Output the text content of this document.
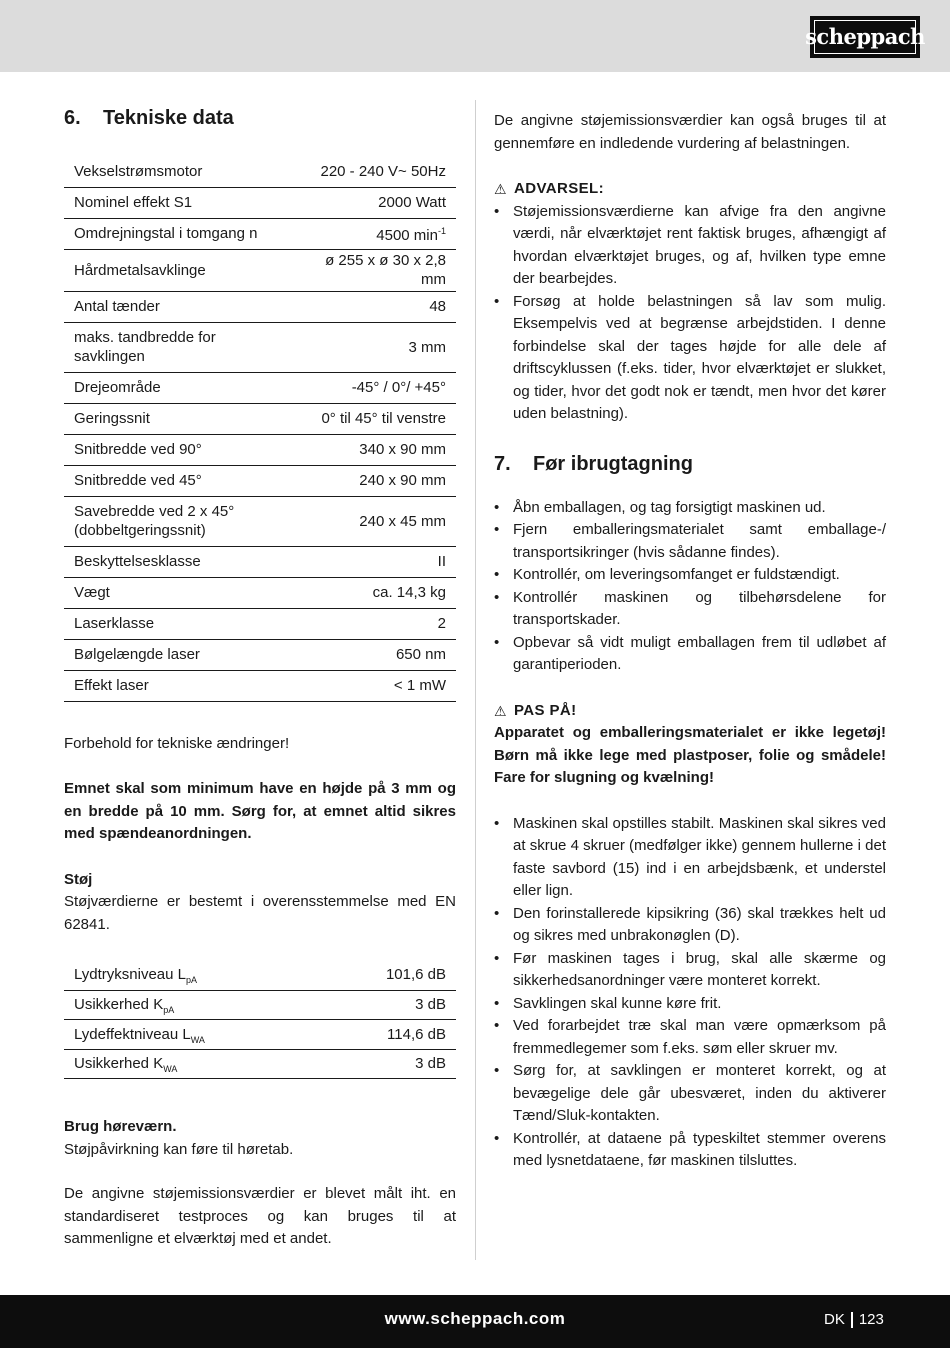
scheppach
6.	Tekniske data
Vekselstrømsmotor	220 - 240 V~ 50Hz
Nominel effekt S1	2000 Watt
Omdrejningstal i tomgang n	4500 $\min^{-1}$
Hårdmetalsavklinge	ø 255 x ø 30 x 2,8 mm
Antal tænder	48
maks. tandbredde for savklingen	3 mm
Drejeområde	-45° / 0°/ +45°
Geringssnit	0° til 45° til venstre
Snitbredde ved 90°	340 x 90 mm
Snitbredde ved 45°	240 x 90 mm
Savebredde ved 2 x 45° (dobbeltgeringssnit)	240 x 45 mm
Beskyttelsesklasse	II
Vægt	ca. 14,3 kg
Laserklasse	2
Bølgelængde laser	650 nm
Effekt laser	< 1 mW

Forbehold for tekniske ændringer!

Emnet skal som minimum have en højde på 3 mm og en bredde på 10 mm. Sørg for, at emnet altid sikres med spændeanordningen.

Støj

Støjværdierne er bestemt i overensstemmelse med EN 62841.

Lydtryksniveau $L_{pA}$	101,6 dB
Usikkerhed $K_{pA}$	3 dB
Lydeffektniveau $L_{WA}$	114,6 dB
Usikkerhed $K_{WA}$	3 dB

Brug høreværn.

Støjpåvirkning kan føre til høretab.

De angivne støjemissionsværdier er blevet målt iht. en standardiseret testproces og kan bruges til at sammenligne et elværktøj med et andet.

De angivne støjemissionsværdier kan også bruges til at gennemføre en indledende vurdering af belastningen.

⚠ ADVARSEL:
• Støjemissionsværdierne kan afvige fra den angivne værdi, når elværktøjet rent faktisk bruges, afhængigt af hvordan elværktøjet bruges, og af, hvilken type emne der bearbejdes.
• Forsøg at holde belastningen så lav som mulig. Eksempelvis ved at begrænse arbejdstiden. I denne forbindelse skal der tages højde for alle dele af driftscyklussen (f.eks. tider, hvor elværktøjet er slukket, og tider, hvor det godt nok er tændt, men hvor det kører uden belastning).
7.	Før ibrugtagning
• Åbn emballagen, og tag forsigtigt maskinen ud.
• Fjern emballeringsmaterialet samt emballage-/ transportsikringer (hvis sådanne findes).
• Kontrollér, om leveringsomfanget er fuldstændigt.
• Kontrollér maskinen og tilbehørsdelene for transportskader.
• Opbevar så vidt muligt emballagen frem til udløbet af garantiperioden.
⚠ PAS PÅ!

Apparatet og emballeringsmaterialet er ikke legetøj! Børn må ikke lege med plastposer, folie og smådele! Fare for slugning og kvælning!

• Maskinen skal opstilles stabilt. Maskinen skal sikres ved at skrue 4 skruer (medfølger ikke) gennem hullerne i det faste savbord (15) ind i en arbejdsbænk, et understel eller lign.
• Den forinstallerede kipsikring (36) skal trækkes helt ud og sikres med unbrakonøglen (D).
• Før maskinen tages i brug, skal alle skærme og sikkerhedsanordninger være monteret korrekt.
• Savklingen skal kunne køre frit.
• Ved forarbejdet træ skal man være opmærksom på fremmedlegemer som f.eks. søm eller skruer mv.
• Sørg for, at savklingen er monteret korrekt, og at bevægelige dele går ubesværet, inden du aktiverer Tænd/Sluk-kontakten.
• Kontrollér, at dataene på typeskiltet stemmer overens med lysnetdataene, før maskinen tilsluttes.
www.scheppach.com	DK 123
